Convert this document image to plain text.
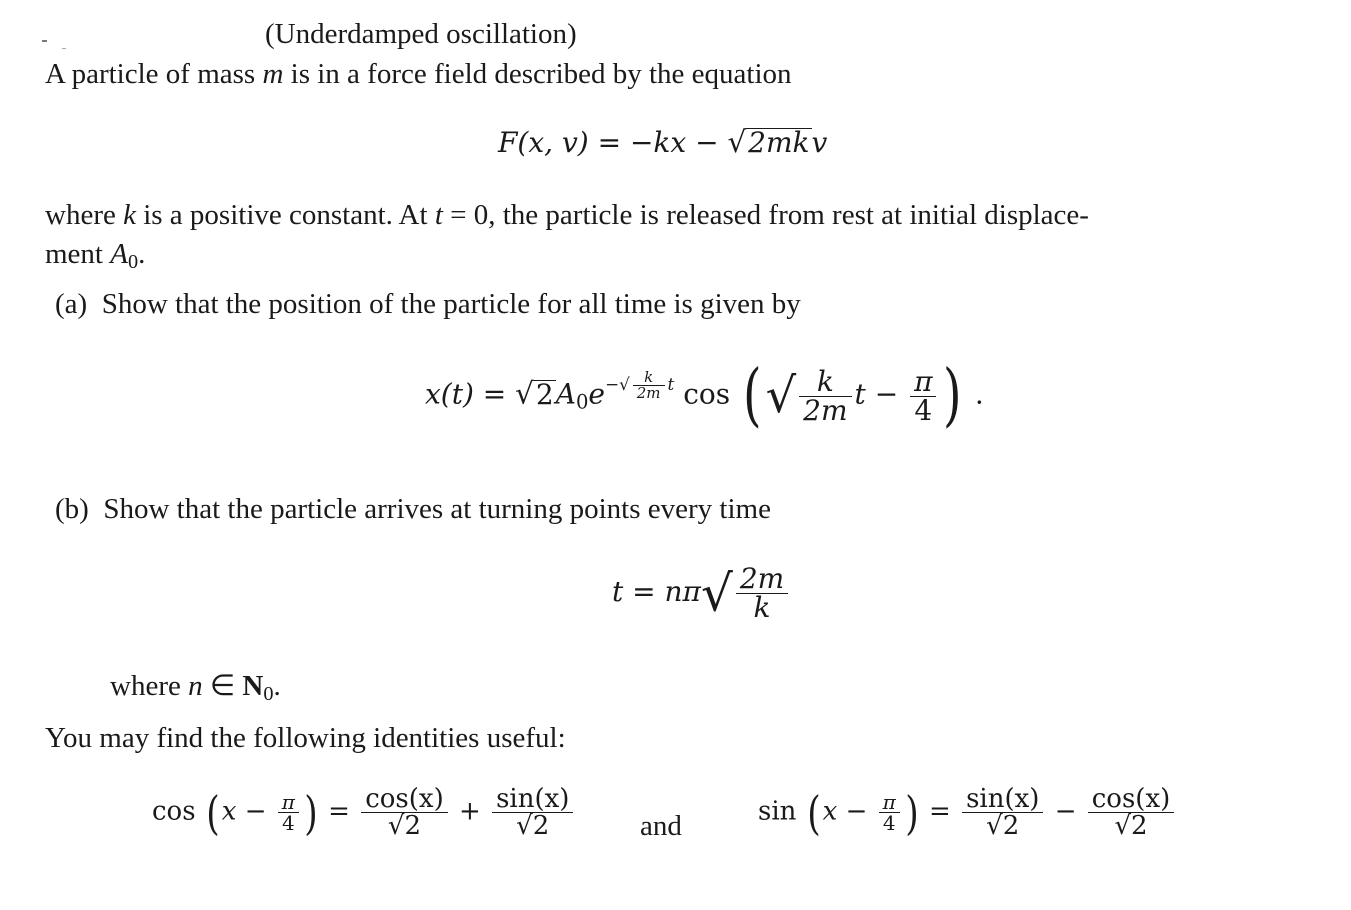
(Underdamped oscillation)
A particle of mass m is in a force field described by the equation
F(x, v) = −kx − √2mkv
where k is a positive constant. At t = 0, the particle is released from rest at initial displace-
ment $A_0$.
(a) Show that the position of the particle for all time is given by
$x(t) = √2A_0e^{-√ \frac{k}{2m} t}$ cos (√ $\frac{k}{2m}$ $t - \frac{\pi}{4}$ ) .
(b) Show that the particle arrives at turning points every time
$t = n\pi√ \frac{2m}{k}$
where n ∈ $N_0$.
You may find the following identities useful:
$\cos (x - \frac{\pi}{4}$ ) = $\frac{\cos(x)}{√2} + \frac{\sin(x)}{√2}$ and	$\sin (x - \frac{\pi}{4}$ ) = $\frac{\sin(x)}{√2} - \frac{\cos(x)}{√2}$
